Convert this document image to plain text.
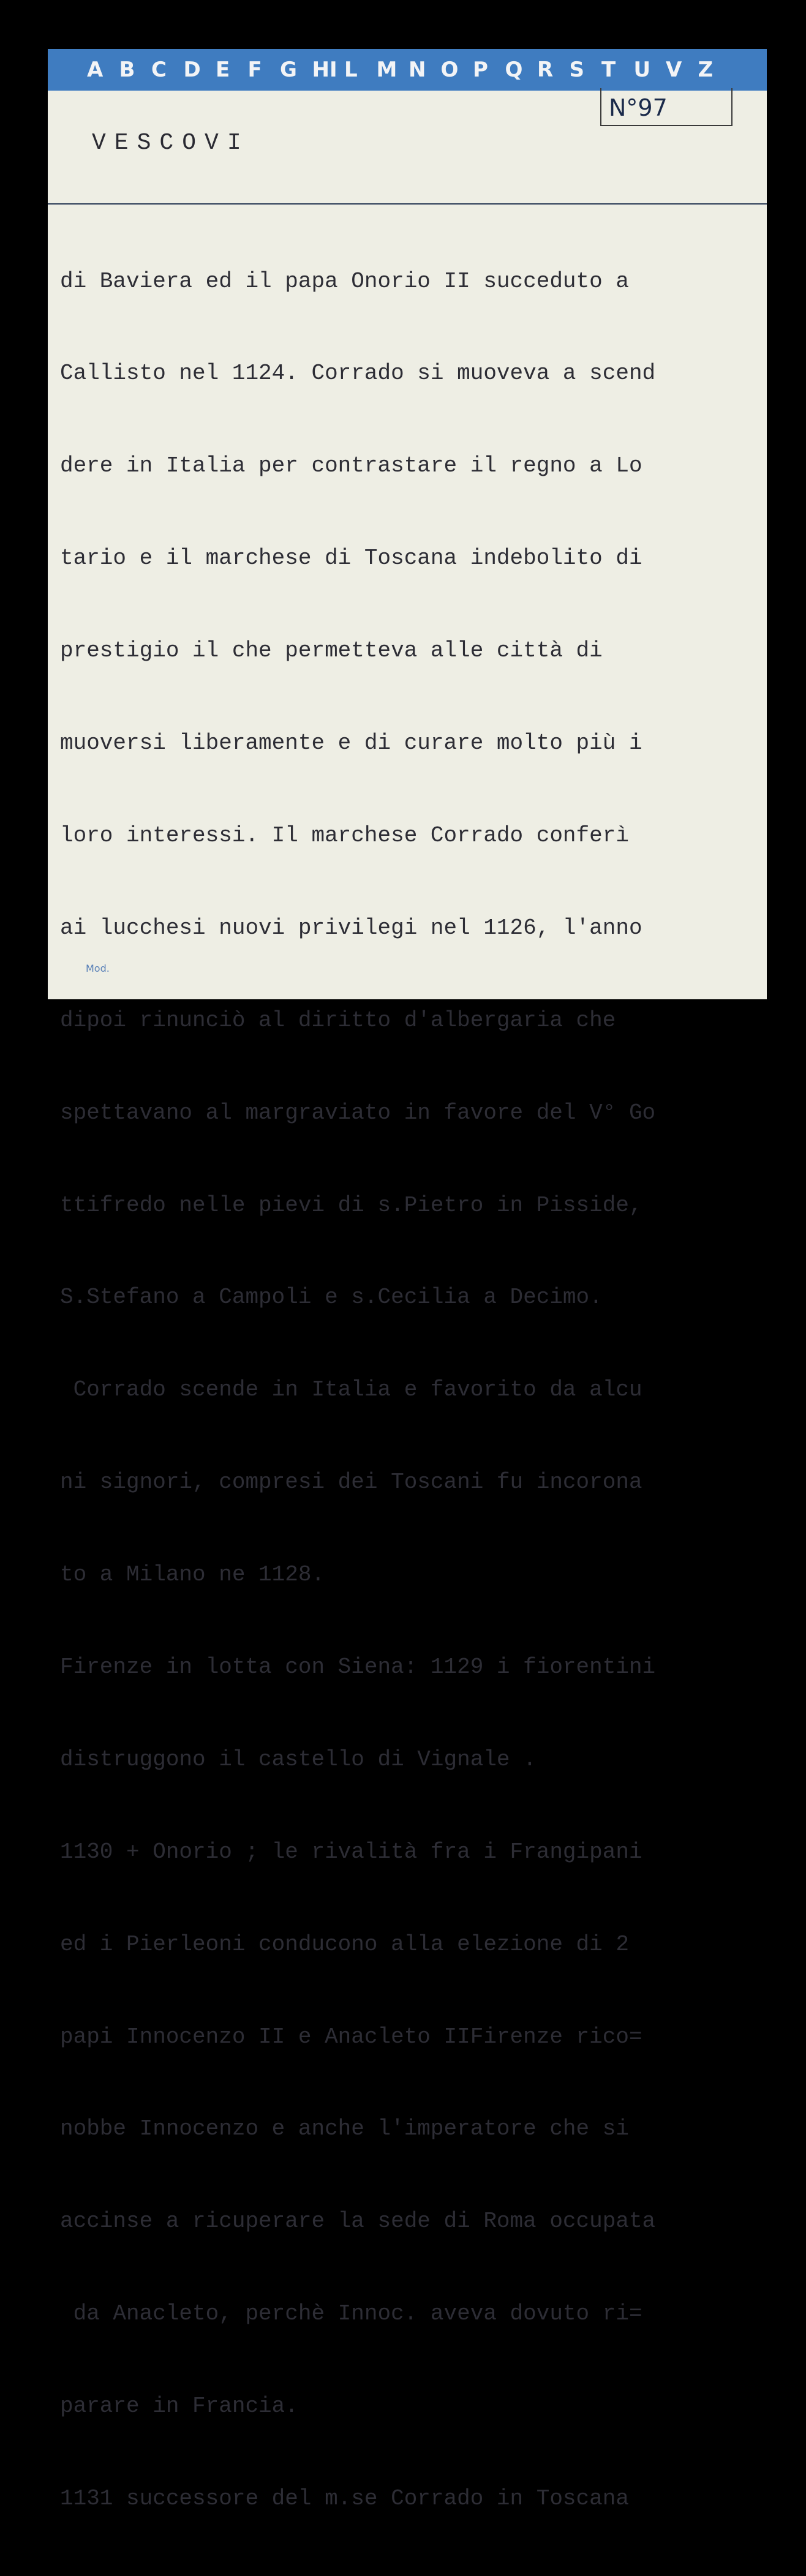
A B C D E F G HI L M N O P Q R S T U V Z
N°97
VESCOVI

di Baviera ed il papa Onorio II succeduto a

Callisto nel 1124. Corrado si muoveva a scend

dere in Italia per contrastare il regno a Lo

tario e il marchese di Toscana indebolito di

prestigio il che permetteva alle città di

muoversi liberamente e di curare molto più i

loro interessi. Il marchese Corrado conferì

ai lucchesi nuovi privilegi nel 1126, l'anno

dipoi rinunciò al diritto d'albergaria che

spettavano al margraviato in favore del V° Go

ttifredo nelle pievi di s.Pietro in Pisside,

S.Stefano a Campoli e s.Cecilia a Decimo.

Corrado scende in Italia e favorito da alcu

ni signori, compresi dei Toscani fu incorona

to a Milano ne 1128.

Firenze in lotta con Siena: 1129 i fiorentini

distruggono il castello di Vignale .

1130 + Onorio ; le rivalità fra i Frangipani

ed i Pierleoni conducono alla elezione di 2

papi Innocenzo II e Anacleto IIFirenze rico=

nobbe Innocenzo e anche l'imperatore che si

accinse a ricuperare la sede di Roma occupata

da Anacleto, perchè Innoc. aveva dovuto ri=

parare in Francia.

1131 successore del m.se Corrado in Toscana

Mod.
